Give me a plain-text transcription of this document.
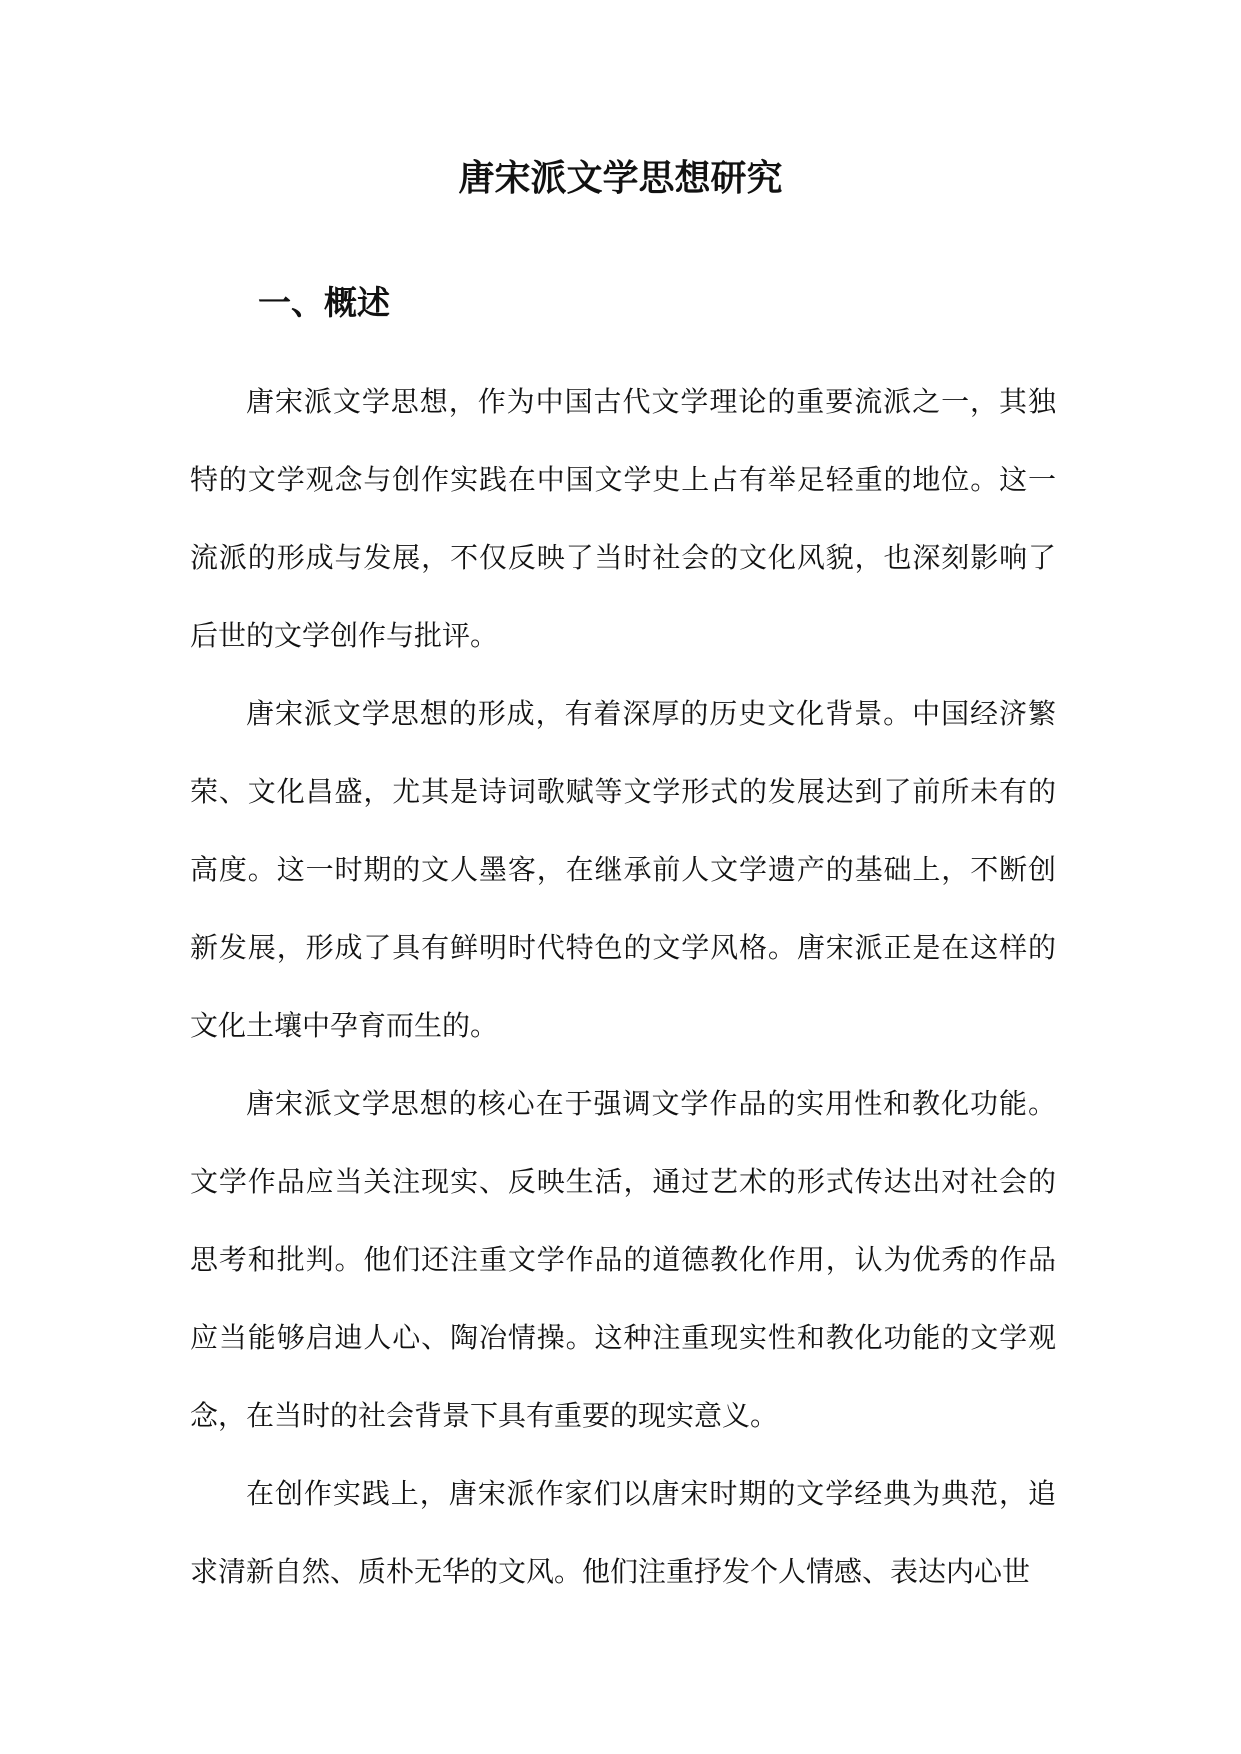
唐宋派文学思想研究
一、概述

唐宋派文学思想，作为中国古代文学理论的重要流派之一，其独特的文学观念与创作实践在中国文学史上占有举足轻重的地位。这一流派的形成与发展，不仅反映了当时社会的文化风貌，也深刻影响了后世的文学创作与批评。

唐宋派文学思想的形成，有着深厚的历史文化背景。中国经济繁荣、文化昌盛，尤其是诗词歌赋等文学形式的发展达到了前所未有的高度。这一时期的文人墨客，在继承前人文学遗产的基础上，不断创新发展，形成了具有鲜明时代特色的文学风格。唐宋派正是在这样的文化土壤中孕育而生的。

唐宋派文学思想的核心在于强调文学作品的实用性和教化功能。文学作品应当关注现实、反映生活，通过艺术的形式传达出对社会的思考和批判。他们还注重文学作品的道德教化作用，认为优秀的作品应当能够启迪人心、陶冶情操。这种注重现实性和教化功能的文学观念，在当时的社会背景下具有重要的现实意义。

在创作实践上，唐宋派作家们以唐宋时期的文学经典为典范，追求清新自然、质朴无华的文风。他们注重抒发个人情感、表达内心世
